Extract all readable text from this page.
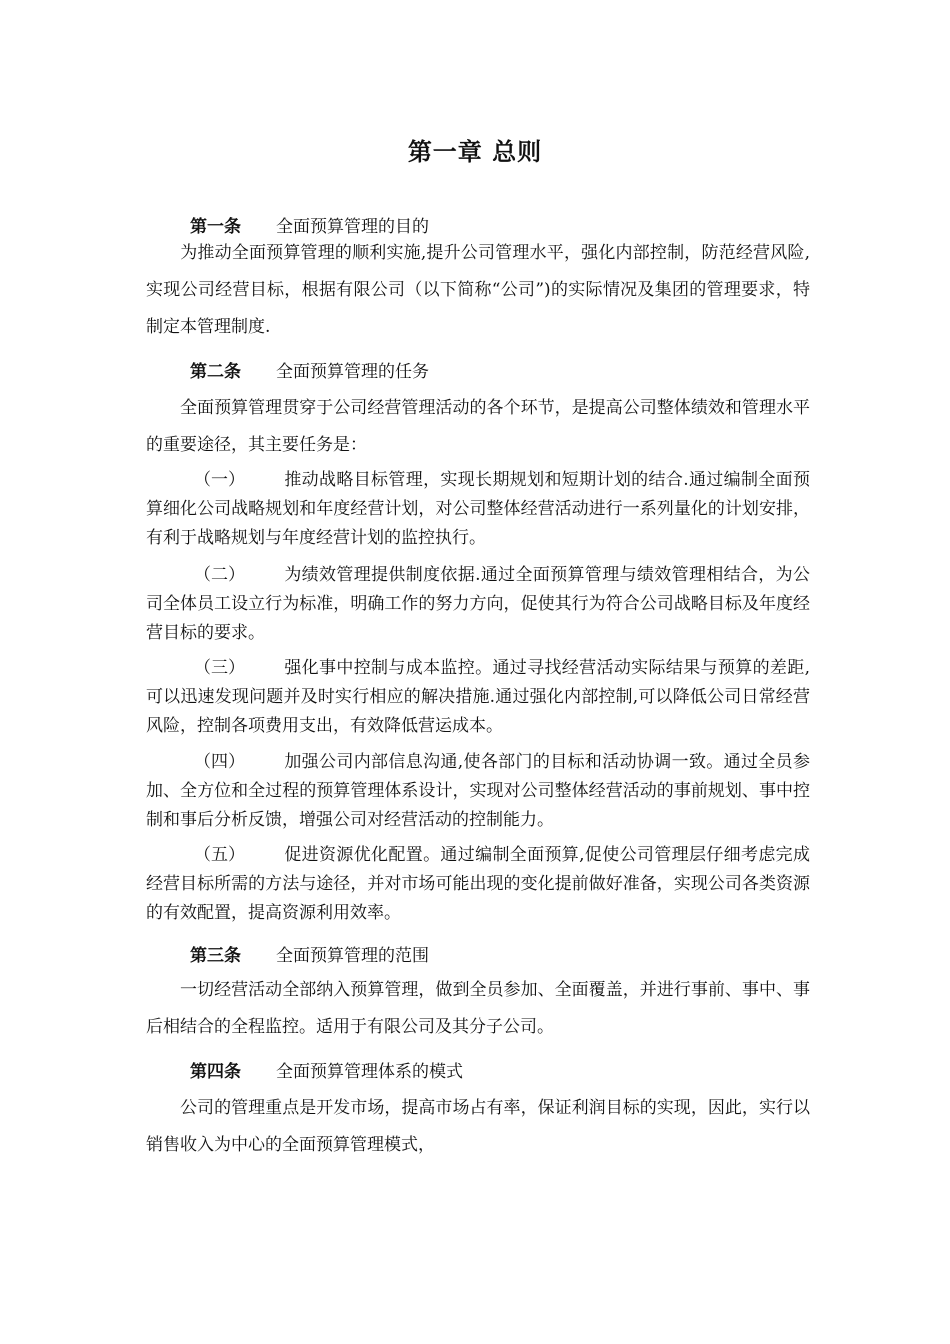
第一章 总则
第一条 全面预算管理的目的

为推动全面预算管理的顺利实施,提升公司管理水平，强化内部控制，防范经营风险,实现公司经营目标，根据有限公司（以下简称“公司”)的实际情况及集团的管理要求，特制定本管理制度.

第二条 全面预算管理的任务

全面预算管理贯穿于公司经营管理活动的各个环节，是提高公司整体绩效和管理水平的重要途径，其主要任务是：

（一） 推动战略目标管理，实现长期规划和短期计划的结合.通过编制全面预算细化公司战略规划和年度经营计划，对公司整体经营活动进行一系列量化的计划安排，有利于战略规划与年度经营计划的监控执行。

（二） 为绩效管理提供制度依据.通过全面预算管理与绩效管理相结合，为公司全体员工设立行为标准，明确工作的努力方向，促使其行为符合公司战略目标及年度经营目标的要求。

（三） 强化事中控制与成本监控。通过寻找经营活动实际结果与预算的差距,可以迅速发现问题并及时实行相应的解决措施.通过强化内部控制,可以降低公司日常经营风险，控制各项费用支出，有效降低营运成本。

（四） 加强公司内部信息沟通,使各部门的目标和活动协调一致。通过全员参加、全方位和全过程的预算管理体系设计，实现对公司整体经营活动的事前规划、事中控制和事后分析反馈，增强公司对经营活动的控制能力。

（五） 促进资源优化配置。通过编制全面预算,促使公司管理层仔细考虑完成经营目标所需的方法与途径，并对市场可能出现的变化提前做好准备，实现公司各类资源的有效配置，提高资源利用效率。

第三条 全面预算管理的范围

一切经营活动全部纳入预算管理，做到全员参加、全面覆盖，并进行事前、事中、事后相结合的全程监控。适用于有限公司及其分子公司。

第四条 全面预算管理体系的模式

公司的管理重点是开发市场，提高市场占有率，保证利润目标的实现，因此，实行以销售收入为中心的全面预算管理模式，
